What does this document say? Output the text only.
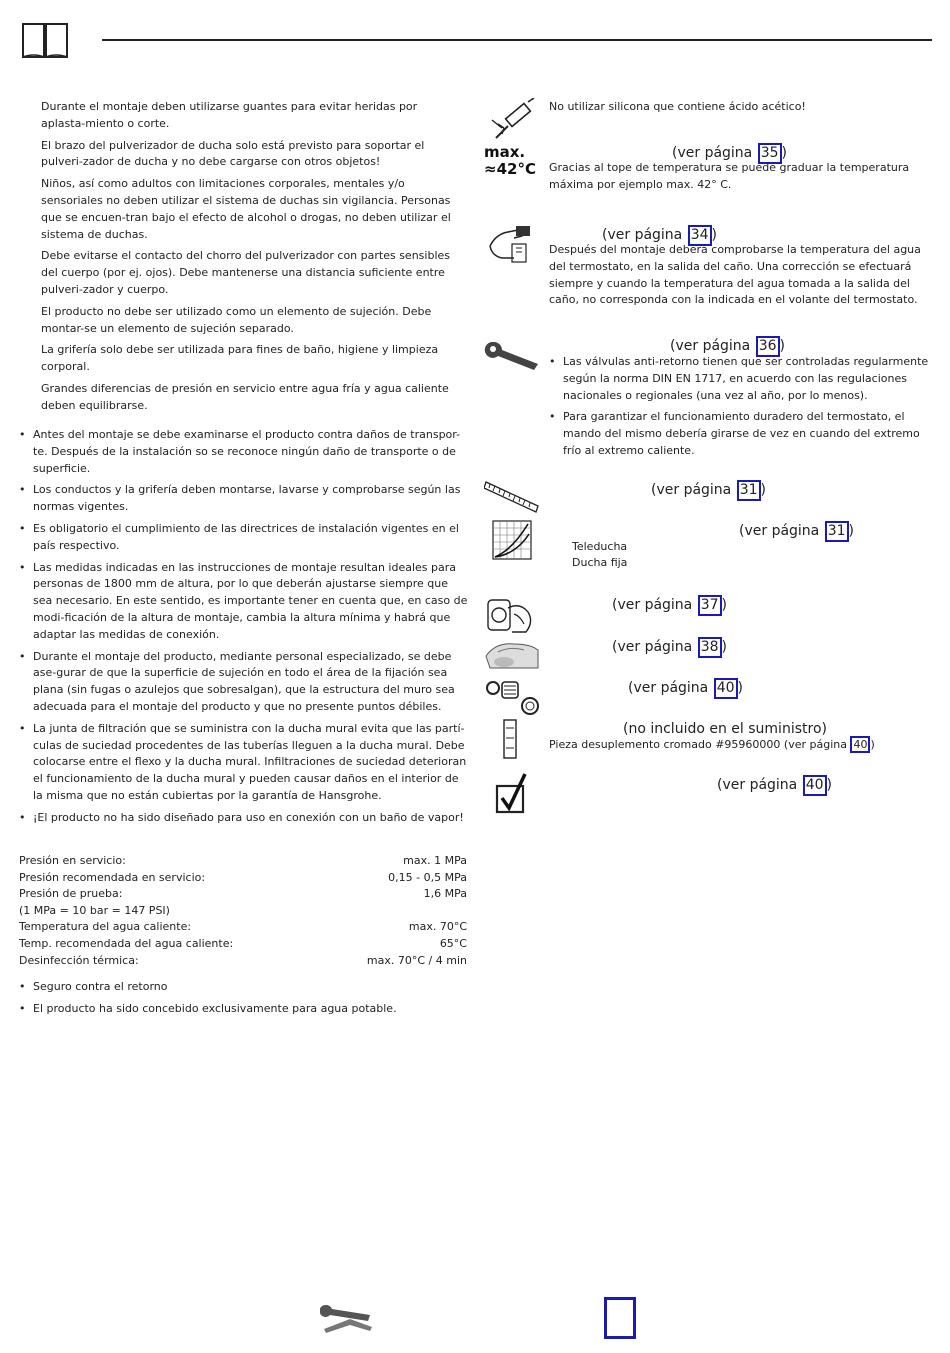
Durante el montaje deben utilizarse guantes para evitar heridas por aplasta-miento o corte.

El brazo del pulverizador de ducha solo está previsto para soportar el pulveri-zador de ducha y no debe cargarse con otros objetos!

Niños, así como adultos con limitaciones corporales, mentales y/o sensoriales no deben utilizar el sistema de duchas sin vigilancia. Personas que se encuen-tran bajo el efecto de alcohol o drogas, no deben utilizar el sistema de duchas.

Debe evitarse el contacto del chorro del pulverizador con partes sensibles del cuerpo (por ej. ojos). Debe mantenerse una distancia suficiente entre pulveri-zador y cuerpo.

El producto no debe ser utilizado como un elemento de sujeción. Debe montar-se un elemento de sujeción separado.

La grifería solo debe ser utilizada para fines de baño, higiene y limpieza corporal.

Grandes diferencias de presión en servicio entre agua fría y agua caliente deben equilibrarse.

• Antes del montaje se debe examinarse el producto contra daños de transpor-te. Después de la instalación so se reconoce ningún daño de transporte o de superficie.
• Los conductos y la grifería deben montarse, lavarse y comprobarse según las normas vigentes.
• Es obligatorio el cumplimiento de las directrices de instalación vigentes en el país respectivo.
• Las medidas indicadas en las instrucciones de montaje resultan ideales para personas de 1800 mm de altura, por lo que deberán ajustarse siempre que sea necesario. En este sentido, es importante tener en cuenta que, en caso de modi-ficación de la altura de montaje, cambia la altura mínima y habrá que adaptar las medidas de conexión.
• Durante el montaje del producto, mediante personal especializado, se debe ase-gurar de que la superficie de sujeción en todo el área de la fijación sea plana (sin fugas o azulejos que sobresalgan), que la estructura del muro sea adecuada para el montaje del producto y que no presente puntos débiles.
• La junta de filtración que se suministra con la ducha mural evita que las partí-culas de suciedad procedentes de las tuberías lleguen a la ducha mural. Debe colocarse entre el flexo y la ducha mural. Infiltraciones de suciedad deterioran el funcionamiento de la ducha mural y pueden causar daños en el interior de la misma que no están cubiertas por la garantía de Hansgrohe.
• ¡El producto no ha sido diseñado para uso en conexión con un baño de vapor!
Presión en servicio:	max. 1 MPa
Presión recomendada en servicio:	0,15 - 0,5 MPa
Presión de prueba:	1,6 MPa
(1 MPa = 10 bar = 147 PSI)
Temperatura del agua caliente:	max. 70°C
Temp. recomendada del agua caliente:	65°C
Desinfección térmica:	max. 70°C / 4 min
• Seguro contra el retorno
• El producto ha sido concebido exclusivamente para agua potable.
No utilizar silicona que contiene ácido acético!
max.
≈42°C
(ver página 35 )
Gracias al tope de temperatura se puede graduar la temperatura máxima por ejemplo max. 42° C.
(ver página 34 )
Después del montaje deberá comprobarse la temperatura del agua del termostato, en la salida del caño. Una corrección se efectuará siempre y cuando la temperatura del agua tomada a la salida del caño, no corresponda con la indicada en el volante del termostato.
(ver página 36 )
• Las válvulas anti-retorno tienen que ser controladas regularmente según la norma DIN EN 1717, en acuerdo con las regulaciones nacionales o regionales (una vez al año, por lo menos).
• Para garantizar el funcionamiento duradero del termostato, el mando del mismo debería girarse de vez en cuando del extremo frío al extremo caliente.
(ver página 31 )
(ver página 31 )
Teleducha
Ducha fija
(ver página 37 )
(ver página 38 )
(ver página 40 )
(no incluido en el suministro)
Pieza desuplemento cromado #95960000 (ver página 40 )
(ver página 40 )
